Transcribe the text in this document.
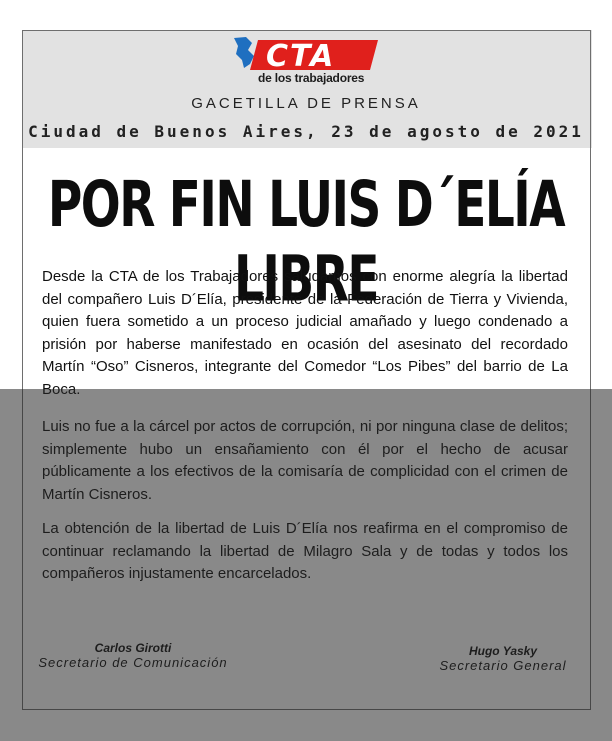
CTA
de los trabajadores
GACETILLA DE PRENSA
Ciudad de Buenos Aires, 23 de agosto de 2021
POR FIN LUIS D´ELÍA LIBRE
Desde la CTA de los Trabajadores saludamos con enorme alegría la libertad del compañero Luis D´Elía, presidente de la Federación de Tierra y Vivienda, quien fuera sometido a un proceso judicial amañado y luego condenado a prisión por haberse manifestado en ocasión del asesinato del recordado Martín “Oso” Cisneros, integrante del Comedor “Los Pibes” del barrio de La
